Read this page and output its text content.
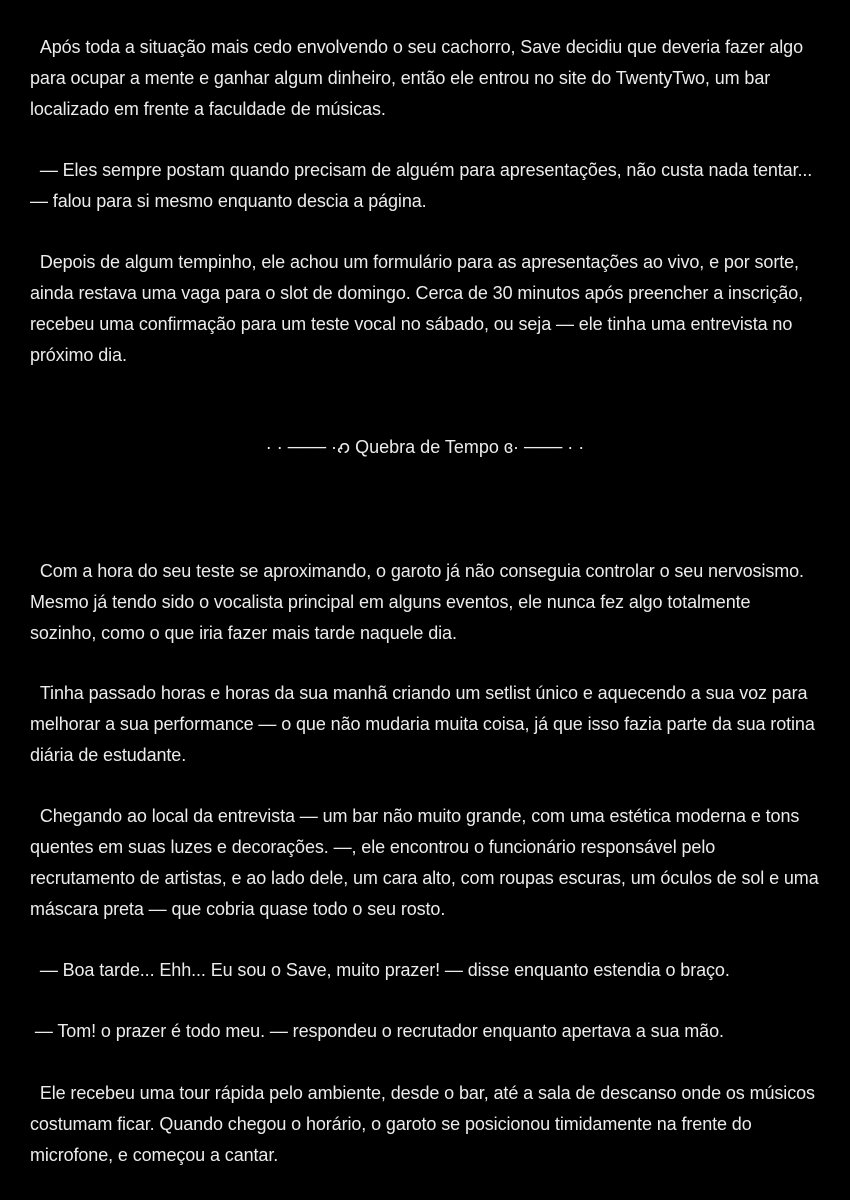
Após toda a situação mais cedo envolvendo o seu cachorro, Save decidiu que deveria fazer algo para ocupar a mente e ganhar algum dinheiro, então ele entrou no site do TwentyTwo, um bar localizado em frente a faculdade de músicas.

— Eles sempre postam quando precisam de alguém para apresentações, não custa nada tentar... — falou para si mesmo enquanto descia a página.

Depois de algum tempinho, ele achou um formulário para as apresentações ao vivo, e por sorte, ainda restava uma vaga para o slot de domingo. Cerca de 30 minutos após preencher a inscrição, recebeu uma confirmação para um teste vocal no sábado, ou seja — ele tinha uma entrevista no próximo dia.

· · ─── ·𐑺 Quebra de Tempo ɞ· ─── · ·

Com a hora do seu teste se aproximando, o garoto já não conseguia controlar o seu nervosismo. Mesmo já tendo sido o vocalista principal em alguns eventos, ele nunca fez algo totalmente sozinho, como o que iria fazer mais tarde naquele dia.

Tinha passado horas e horas da sua manhã criando um setlist único e aquecendo a sua voz para melhorar a sua performance — o que não mudaria muita coisa, já que isso fazia parte da sua rotina diária de estudante.

Chegando ao local da entrevista — um bar não muito grande, com uma estética moderna e tons quentes em suas luzes e decorações. —, ele encontrou o funcionário responsável pelo recrutamento de artistas, e ao lado dele, um cara alto, com roupas escuras, um óculos de sol e uma máscara preta — que cobria quase todo o seu rosto.

— Boa tarde... Ehh... Eu sou o Save, muito prazer! — disse enquanto estendia o braço.

— Tom! o prazer é todo meu. — respondeu o recrutador enquanto apertava a sua mão.

Ele recebeu uma tour rápida pelo ambiente, desde o bar, até a sala de descanso onde os músicos costumam ficar. Quando chegou o horário, o garoto se posicionou timidamente na frente do microfone, e começou a cantar.
